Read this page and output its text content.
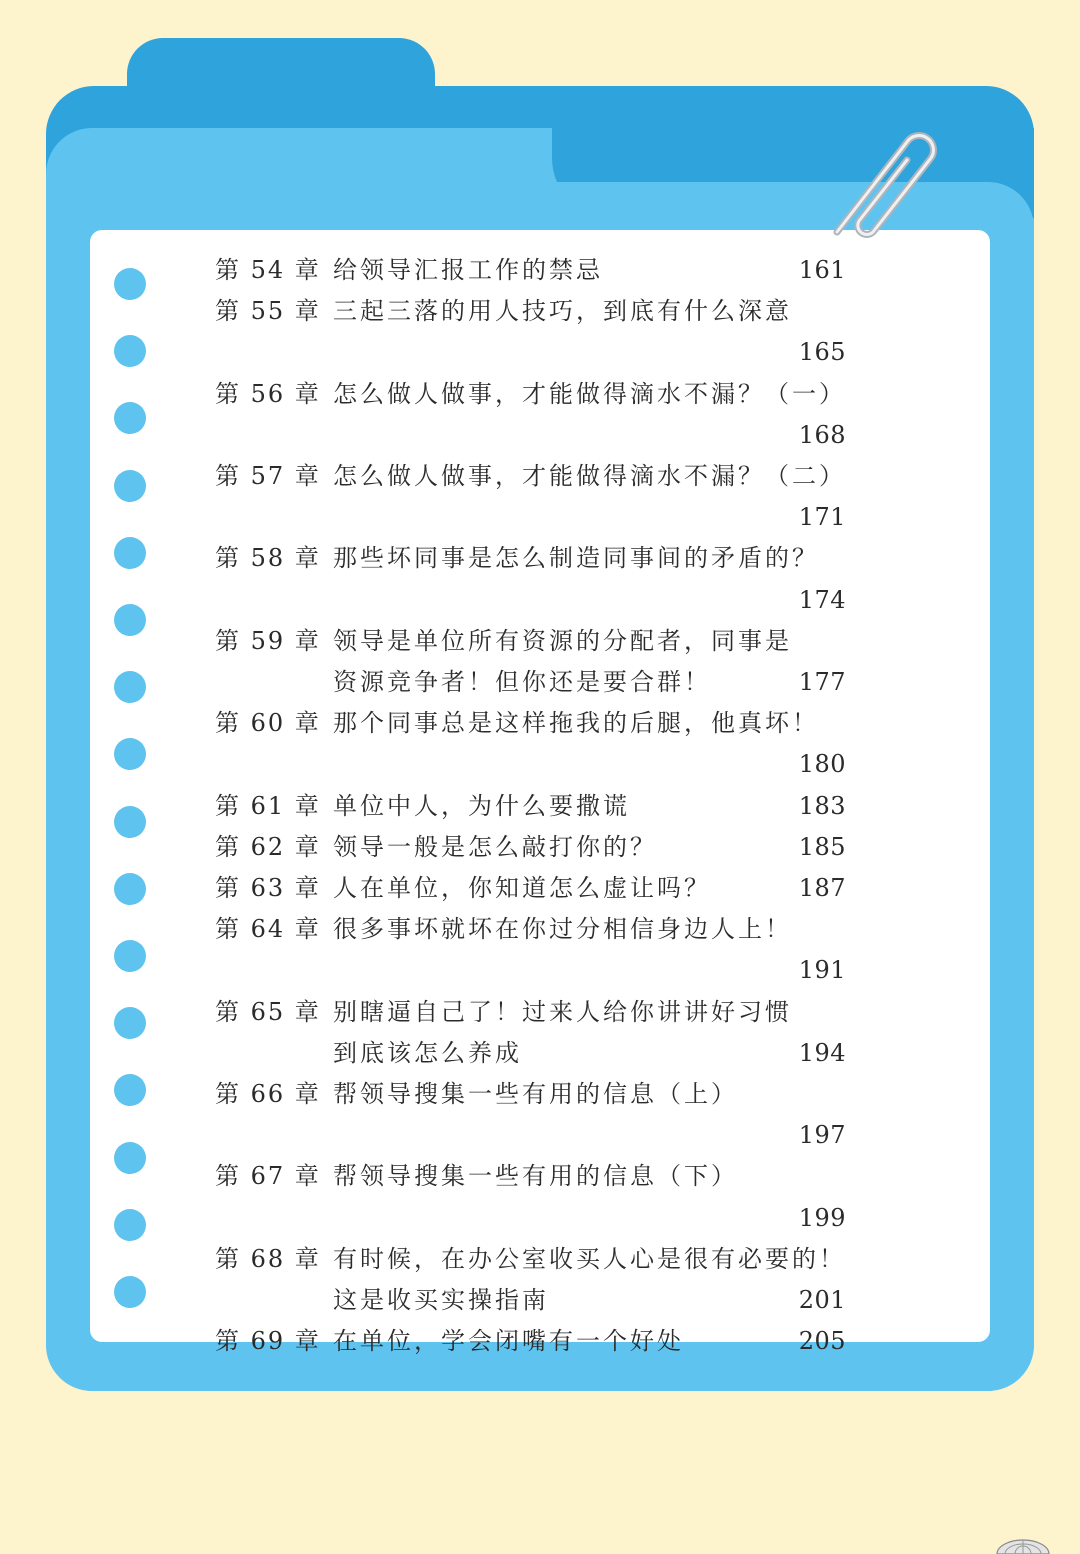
第 54 章 给领导汇报工作的禁忌	161
第 55 章 三起三落的用人技巧，到底有什么深意
165
第 56 章 怎么做人做事，才能做得滴水不漏？（一）
168
第 57 章 怎么做人做事，才能做得滴水不漏？（二）
171
第 58 章 那些坏同事是怎么制造同事间的矛盾的？
174
第 59 章 领导是单位所有资源的分配者，同事是
资源竞争者！但你还是要合群！	177
第 60 章 那个同事总是这样拖我的后腿，他真坏！
180
第 61 章 单位中人，为什么要撒谎	183
第 62 章 领导一般是怎么敲打你的？	185
第 63 章 人在单位，你知道怎么虚让吗？	187
第 64 章 很多事坏就坏在你过分相信身边人上！
191
第 65 章 别瞎逼自己了！过来人给你讲讲好习惯
到底该怎么养成	194
第 66 章 帮领导搜集一些有用的信息（上）
197
第 67 章 帮领导搜集一些有用的信息（下）
199
第 68 章 有时候，在办公室收买人心是很有必要的！
这是收买实操指南	201
第 69 章 在单位，学会闭嘴有一个好处	205
